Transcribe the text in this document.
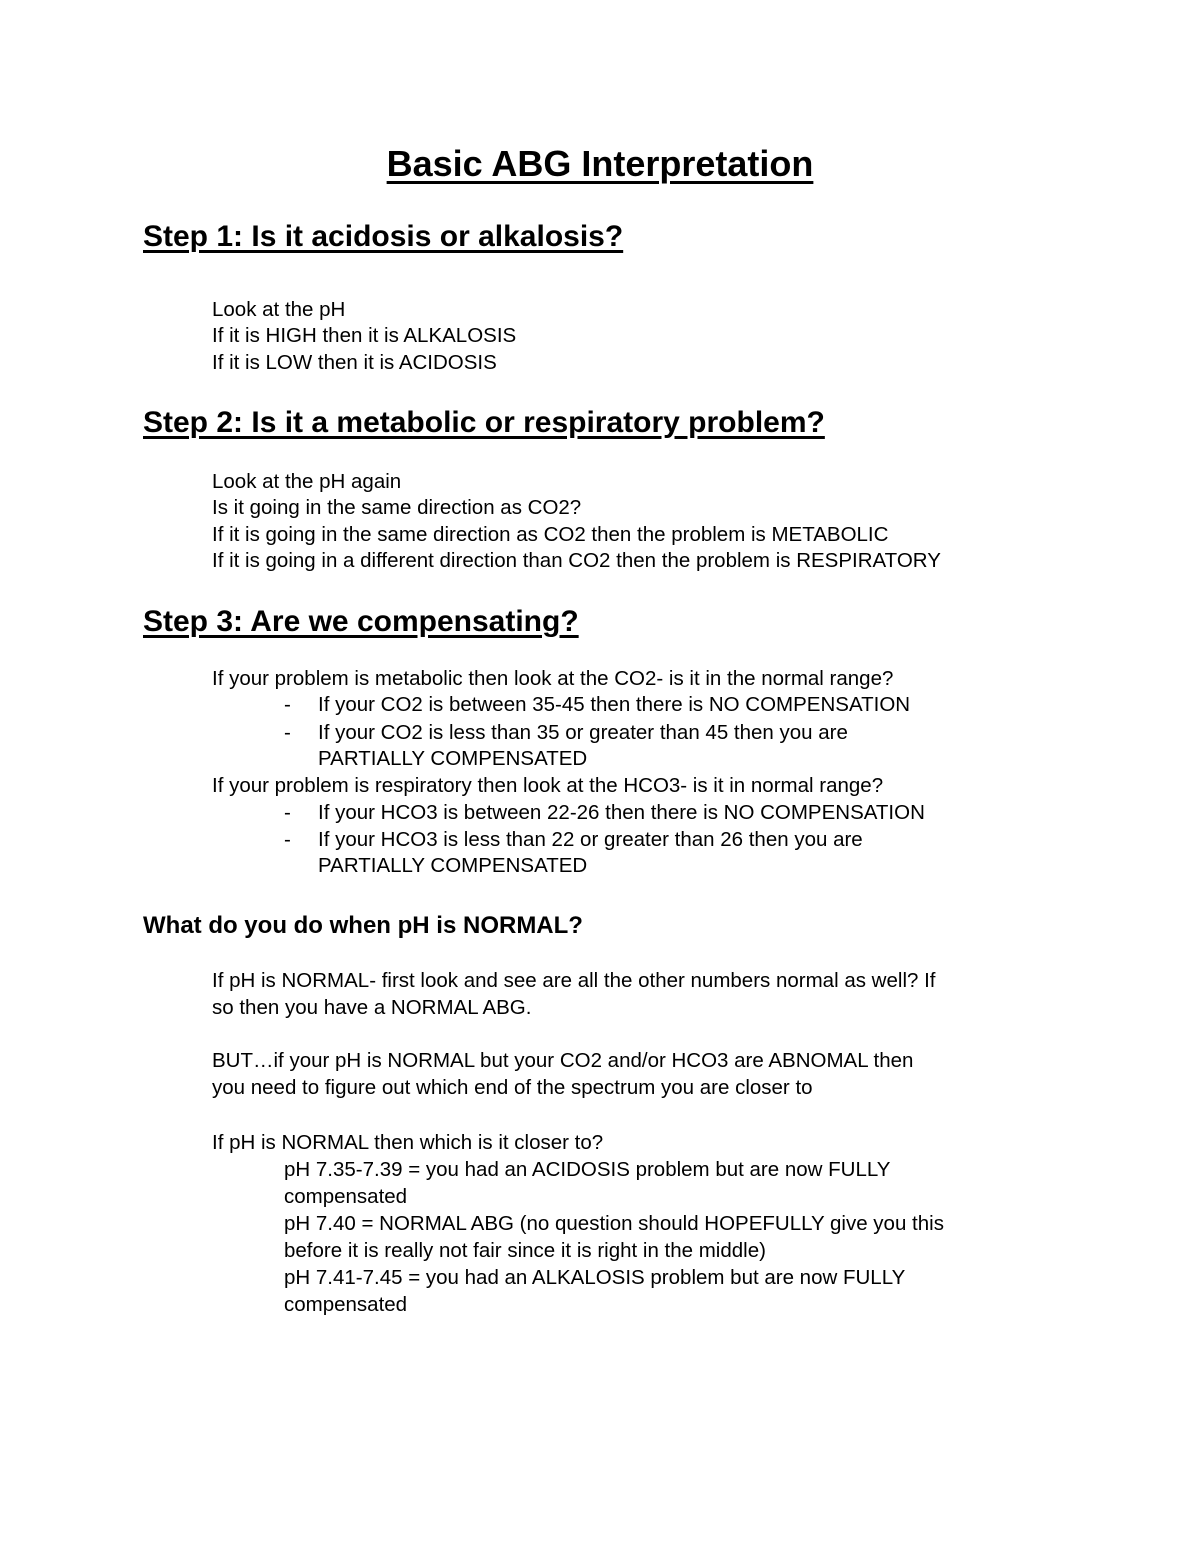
Basic ABG Interpretation
Step 1: Is it acidosis or alkalosis?

Look at the pH

If it is HIGH then it is ALKALOSIS

If it is LOW then it is ACIDOSIS

Step 2: Is it a metabolic or respiratory problem?

Look at the pH again

Is it going in the same direction as CO2?

If it is going in the same direction as CO2 then the problem is METABOLIC

If it is going in a different direction than CO2 then the problem is RESPIRATORY

Step 3: Are we compensating?

If your problem is metabolic then look at the CO2- is it in the normal range?

- If your CO2 is between 35-45 then there is NO COMPENSATION

- If your CO2 is less than 35 or greater than 45 then you are

PARTIALLY COMPENSATED

If your problem is respiratory then look at the HCO3- is it in normal range?

- If your HCO3 is between 22-26 then there is NO COMPENSATION

- If your HCO3 is less than 22 or greater than 26 then you are

PARTIALLY COMPENSATED

What do you do when pH is NORMAL?

If pH is NORMAL- first look and see are all the other numbers normal as well? If

so then you have a NORMAL ABG.

BUT…if your pH is NORMAL but your CO2 and/or HCO3 are ABNOMAL then

you need to figure out which end of the spectrum you are closer to

If pH is NORMAL then which is it closer to?

pH 7.35-7.39 = you had an ACIDOSIS problem but are now FULLY

compensated

pH 7.40 = NORMAL ABG (no question should HOPEFULLY give you this

before it is really not fair since it is right in the middle)

pH 7.41-7.45 = you had an ALKALOSIS problem but are now FULLY

compensated
